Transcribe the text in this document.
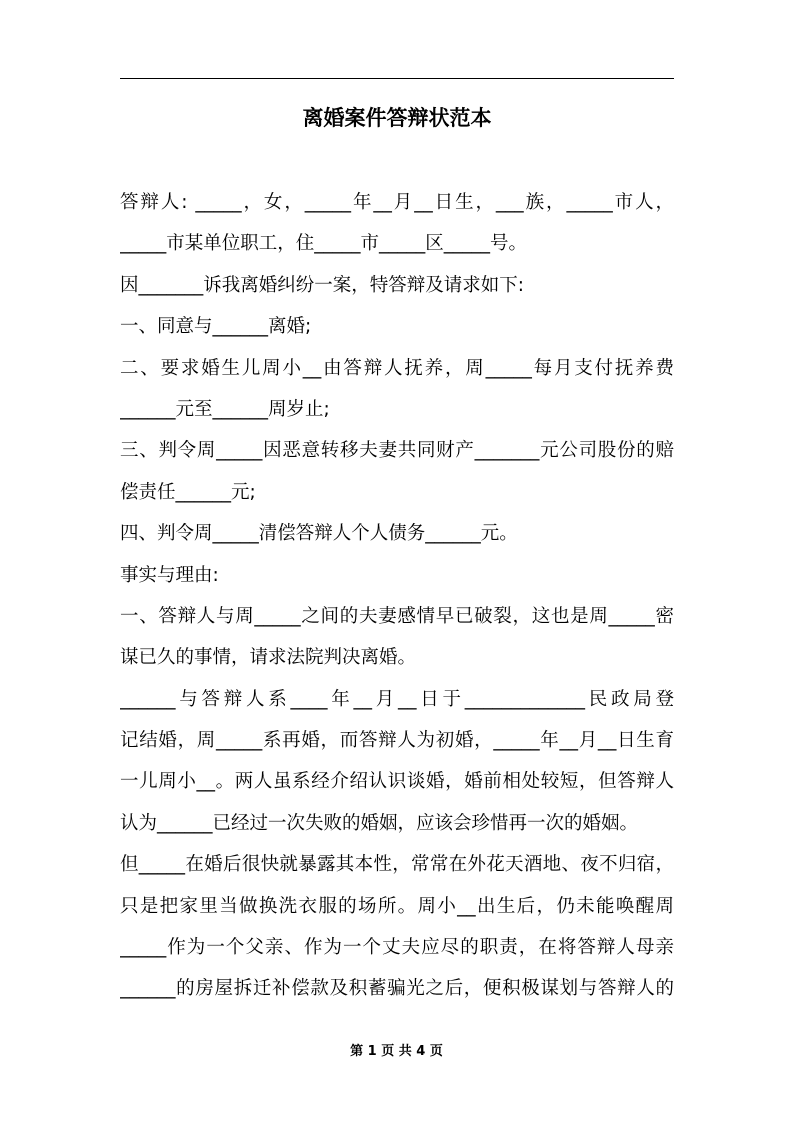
离婚案件答辩状范本
答辩人: _____，女，_____年__月__日生，___族，_____市人，
_____市某单位职工，住_____市_____区_____号。
因_______诉我离婚纠纷一案，特答辩及请求如下:
一、同意与______离婚;
二、要求婚生儿周小__由答辩人抚养，周_____每月支付抚养费
______元至______周岁止;
三、判令周_____因恶意转移夫妻共同财产_______元公司股份的赔
偿责任______元;
四、判令周_____清偿答辩人个人债务______元。
事实与理由:
一、答辩人与周_____之间的夫妻感情早已破裂，这也是周_____密
谋已久的事情，请求法院判决离婚。
______与答辩人系____年__月__日于_____________民政局登
记结婚，周_____系再婚，而答辩人为初婚，_____年__月__日生育
一儿周小__。两人虽系经介绍认识谈婚，婚前相处较短，但答辩人
认为______已经过一次失败的婚姻，应该会珍惜再一次的婚姻。
但_____在婚后很快就暴露其本性，常常在外花天酒地、夜不归宿，
只是把家里当做换洗衣服的场所。周小__出生后，仍未能唤醒周
_____作为一个父亲、作为一个丈夫应尽的职责，在将答辩人母亲
______的房屋拆迁补偿款及积蓄骗光之后，便积极谋划与答辩人的
第 1 页 共 4 页
